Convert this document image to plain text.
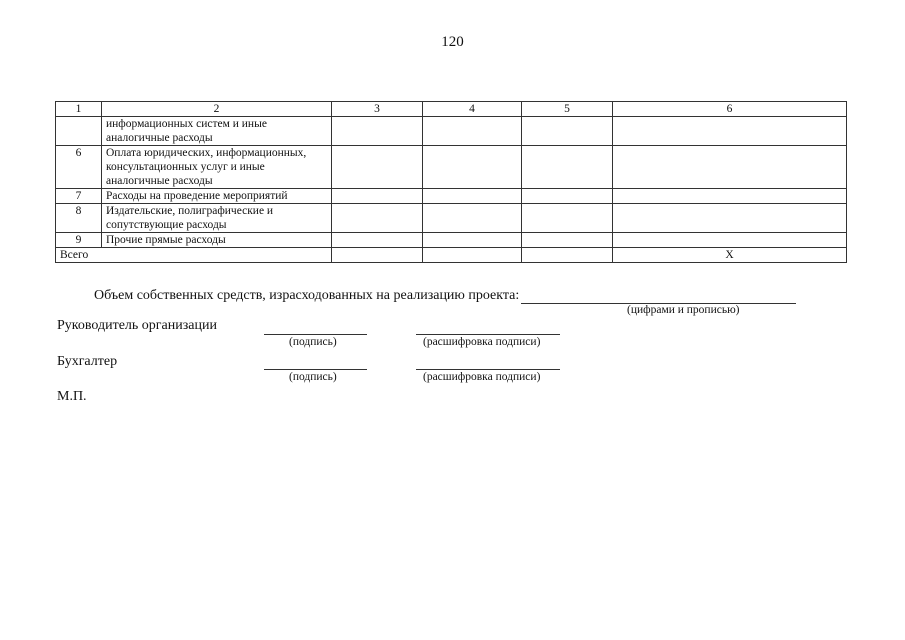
120
1	2	3	4	5	6
	информационных систем и иные аналогичные расходы				
6	Оплата юридических, информационных, консультационных услуг и иные аналогичные расходы				
7	Расходы на проведение мероприятий				
8	Издательские, полиграфические и сопутствующие расходы				
9	Прочие прямые расходы				
Всего					X
Объем собственных средств, израсходованных на реализацию проекта:
(цифрами и прописью)
Руководитель организации
(подпись)	(расшифровка подписи)
Бухгалтер
(подпись)	(расшифровка подписи)
М.П.
